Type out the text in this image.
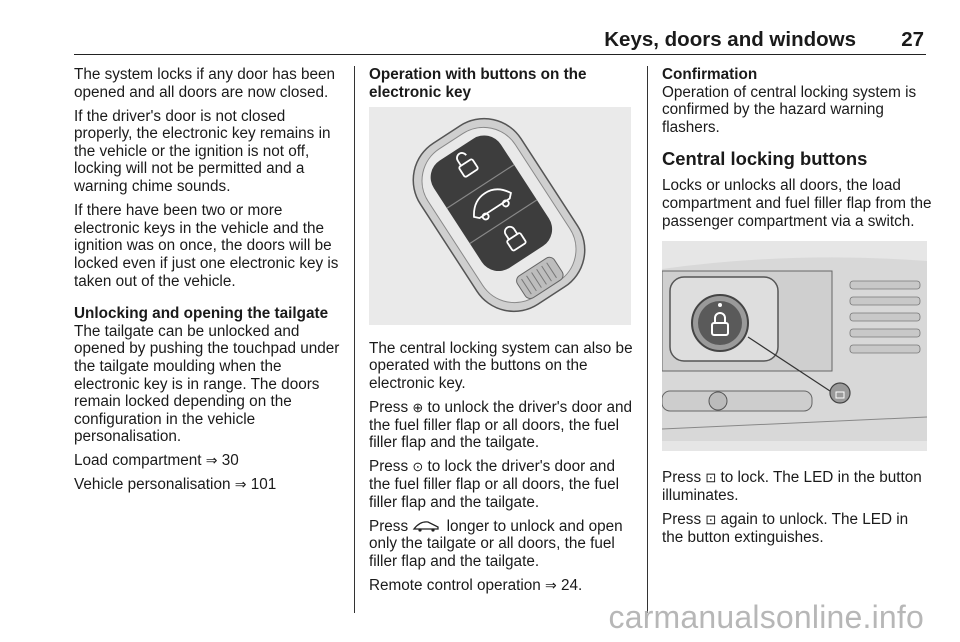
Keys, doors and windows 27

The system locks if any door has been opened and all doors are now closed.

If the driver's door is not closed properly, the electronic key remains in the vehicle or the ignition is not off, locking will not be permitted and a warning chime sounds.

If there have been two or more electronic keys in the vehicle and the ignition was on once, the doors will be locked even if just one electronic key is taken out of the vehicle.

Unlocking and opening the tailgate

The tailgate can be unlocked and opened by pushing the touchpad under the tailgate moulding when the electronic key is in range. The doors remain locked depending on the configuration in the vehicle personalisation.

Load compartment ⇒ 30

Vehicle personalisation ⇒ 101

Operation with buttons on the electronic key

The central locking system can also be operated with the buttons on the electronic key.

Press ⊕ to unlock the driver's door and the fuel filler flap or all doors, the fuel filler flap and the tailgate.

Press ⊙ to lock the driver's door and the fuel filler flap or all doors, the fuel filler flap and the tailgate.

Press	longer to unlock and open only the tailgate or all doors, the fuel filler flap and the tailgate.

Remote control operation ⇒ 24.

Confirmation

Operation of central locking system is confirmed by the hazard warning flashers.

Central locking buttons

Locks or unlocks all doors, the load compartment and fuel filler flap from the passenger compartment via a switch.

Press ⊡ to lock. The LED in the button illuminates.

Press ⊡ again to unlock. The LED in the button extinguishes.

carmanualsonline.info
